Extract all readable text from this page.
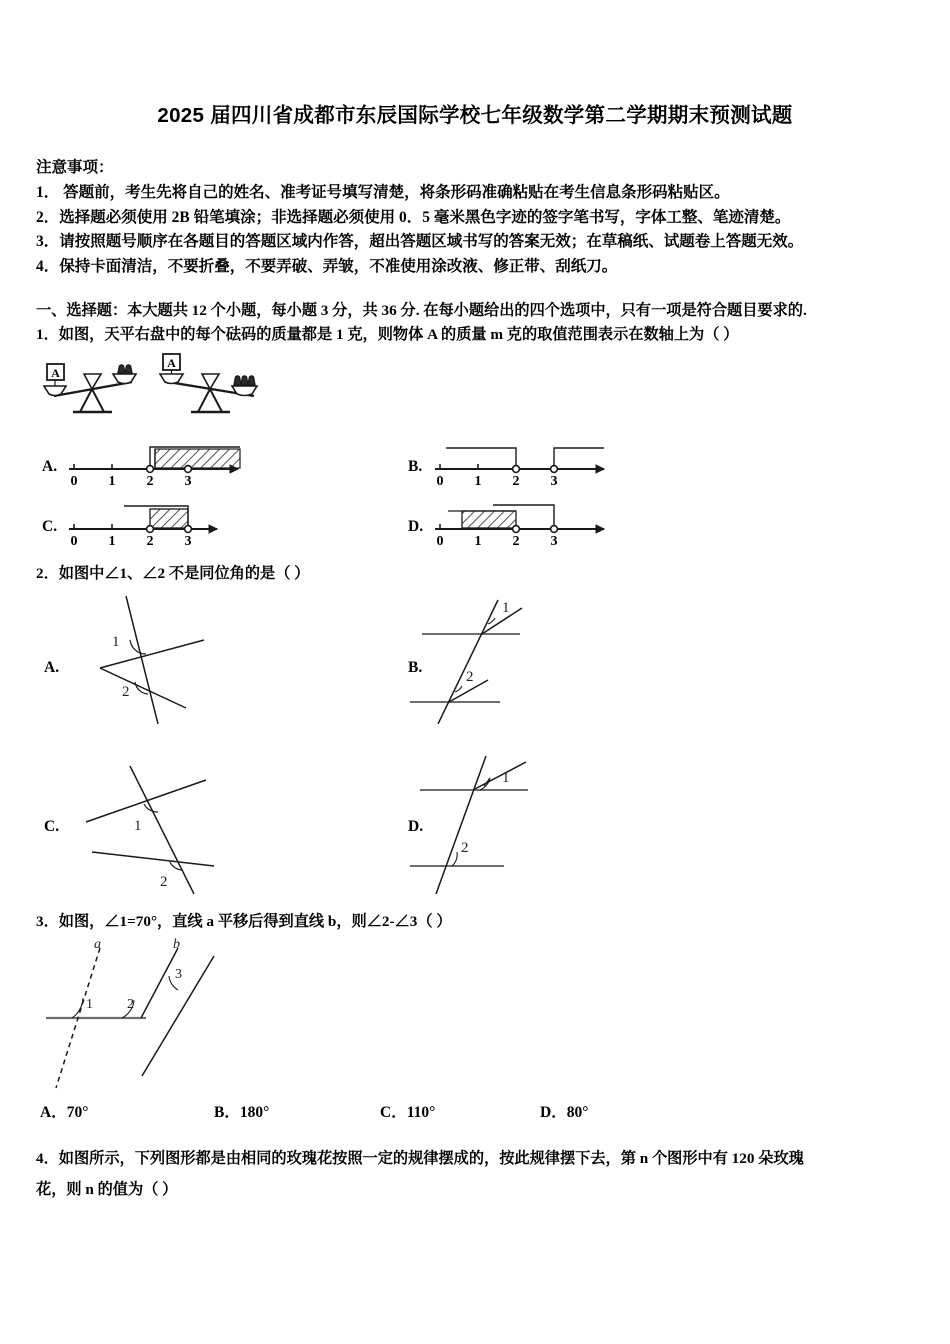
2025 届四川省成都市东辰国际学校七年级数学第二学期期末预测试题
注意事项：
1． 答题前，考生先将自己的姓名、准考证号填写清楚，将条形码准确粘贴在考生信息条形码粘贴区。
2．选择题必须使用 2B 铅笔填涂；非选择题必须使用 0．5 毫米黑色字迹的签字笔书写，字体工整、笔迹清楚。
3．请按照题号顺序在各题目的答题区域内作答，超出答题区域书写的答案无效；在草稿纸、试题卷上答题无效。
4．保持卡面清洁，不要折叠，不要弄破、弄皱，不准使用涂改液、修正带、刮纸刀。
一、选择题：本大题共 12 个小题，每小题 3 分，共 36 分. 在每小题给出的四个选项中，只有一项是符合题目要求的.
1．如图，天平右盘中的每个砝码的质量都是 1 克，则物体 A 的质量 m 克的取值范围表示在数轴上为（ ）
A
A
A.
0 1 2 3
B.
0 1 2 3
C.
0 1 2 3
D.
0 1 2 3
2．如图中∠1、∠2 不是同位角的是（ ）
A.
1
2
B.
1
2
C.	1
2
D.
1
2
3．如图，∠1=70°，直线 a 平移后得到直线 b，则∠2-∠3（ ）
a	b
1 2
3
A．70°	B．180°	C．110°	D．80°
4．如图所示，下列图形都是由相同的玫瑰花按照一定的规律摆成的，按此规律摆下去，第 n 个图形中有 120 朵玫瑰
花，则 n 的值为（ ）
